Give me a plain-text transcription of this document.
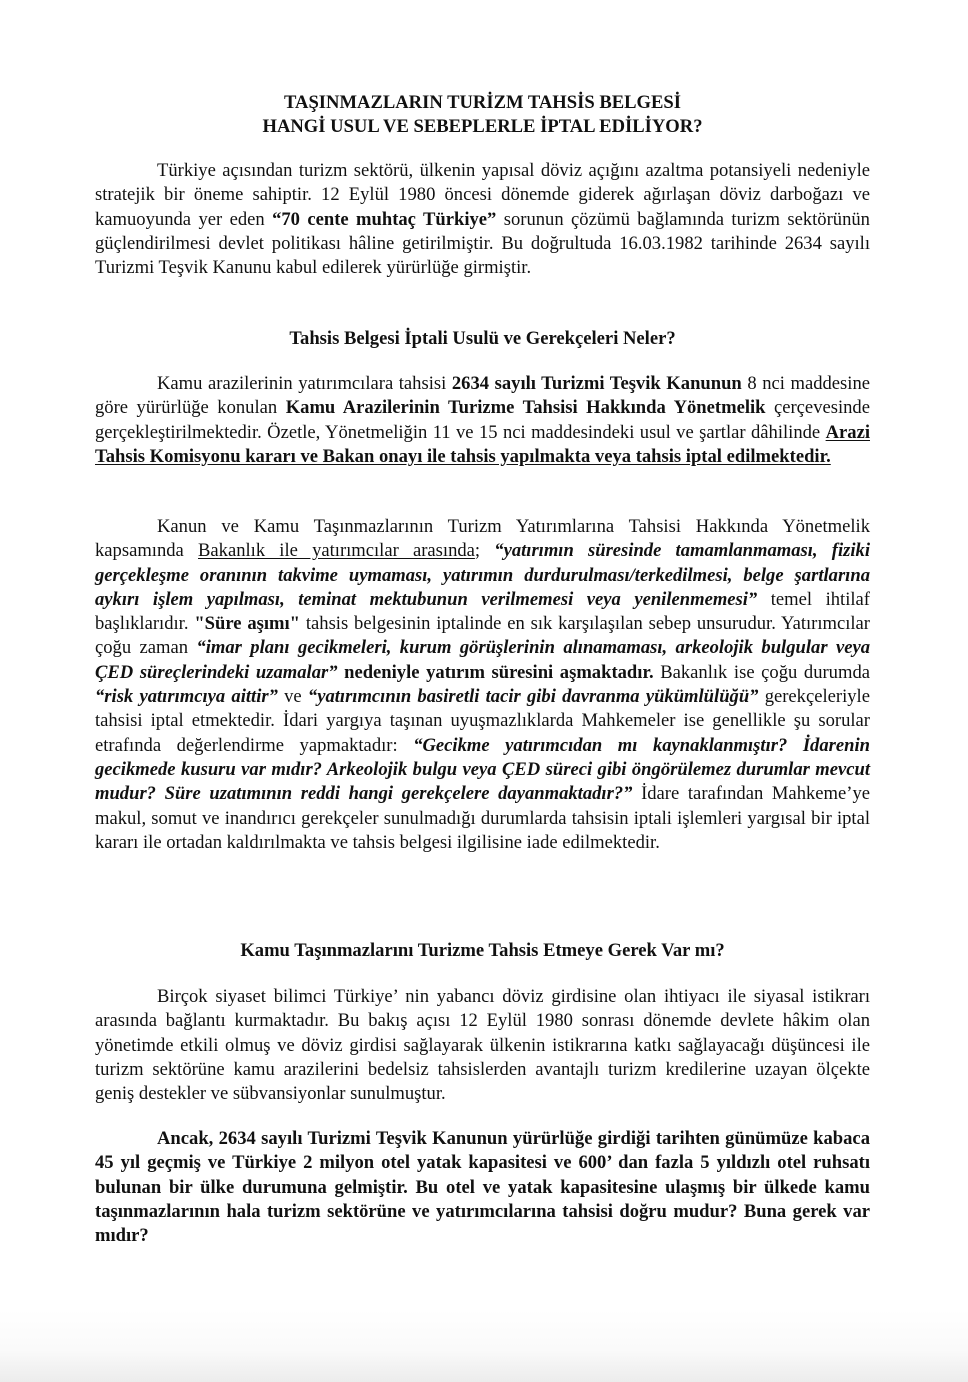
TAŞINMAZLARIN TURİZM TAHSİS BELGESİ
HANGİ USUL VE SEBEPLERLE İPTAL EDİLİYOR?

Türkiye açısından turizm sektörü, ülkenin yapısal döviz açığını azaltma potansiyeli nedeniyle stratejik bir öneme sahiptir. 12 Eylül 1980 öncesi dönemde giderek ağırlaşan döviz darboğazı ve kamuoyunda yer eden “70 cente muhtaç Türkiye” sorunun çözümü bağlamında turizm sektörünün güçlendirilmesi devlet politikası hâline getirilmiştir. Bu doğrultuda 16.03.1982 tarihinde 2634 sayılı Turizmi Teşvik Kanunu kabul edilerek yürürlüğe girmiştir.

Tahsis Belgesi İptali Usulü ve Gerekçeleri Neler?

Kamu arazilerinin yatırımcılara tahsisi 2634 sayılı Turizmi Teşvik Kanunun 8 nci maddesine göre yürürlüğe konulan Kamu Arazilerinin Turizme Tahsisi Hakkında Yönetmelik çerçevesinde gerçekleştirilmektedir. Özetle, Yönetmeliğin 11 ve 15 nci maddesindeki usul ve şartlar dâhilinde Arazi Tahsis Komisyonu kararı ve Bakan onayı ile tahsis yapılmakta veya tahsis iptal edilmektedir.

Kanun ve Kamu Taşınmazlarının Turizm Yatırımlarına Tahsisi Hakkında Yönetmelik kapsamında Bakanlık ile yatırımcılar arasında; “yatırımın süresinde tamamlanmaması, fiziki gerçekleşme oranının takvime uymaması, yatırımın durdurulması/terkedilmesi, belge şartlarına aykırı işlem yapılması, teminat mektubunun verilmemesi veya yenilenmemesi” temel ihtilaf başlıklarıdır. "Süre aşımı" tahsis belgesinin iptalinde en sık karşılaşılan sebep unsurudur. Yatırımcılar çoğu zaman “imar planı gecikmeleri, kurum görüşlerinin alınamaması, arkeolojik bulgular veya ÇED süreçlerindeki uzamalar” nedeniyle yatırım süresini aşmaktadır. Bakanlık ise çoğu durumda “risk yatırımcıya aittir” ve “yatırımcının basiretli tacir gibi davranma yükümlülüğü” gerekçeleriyle tahsisi iptal etmektedir. İdari yargıya taşınan uyuşmazlıklarda Mahkemeler ise genellikle şu sorular etrafında değerlendirme yapmaktadır: “Gecikme yatırımcıdan mı kaynaklanmıştır? İdarenin gecikmede kusuru var mıdır? Arkeolojik bulgu veya ÇED süreci gibi öngörülemez durumlar mevcut mudur? Süre uzatımının reddi hangi gerekçelere dayanmaktadır?” İdare tarafından Mahkeme’ye makul, somut ve inandırıcı gerekçeler sunulmadığı durumlarda tahsisin iptali işlemleri yargısal bir iptal kararı ile ortadan kaldırılmakta ve tahsis belgesi ilgilisine iade edilmektedir.

Kamu Taşınmazlarını Turizme Tahsis Etmeye Gerek Var mı?

Birçok siyaset bilimci Türkiye’ nin yabancı döviz girdisine olan ihtiyacı ile siyasal istikrarı arasında bağlantı kurmaktadır. Bu bakış açısı 12 Eylül 1980 sonrası dönemde devlete hâkim olan yönetimde etkili olmuş ve döviz girdisi sağlayarak ülkenin istikrarına katkı sağlayacağı düşüncesi ile turizm sektörüne kamu arazilerini bedelsiz tahsislerden avantajlı turizm kredilerine uzayan ölçekte geniş destekler ve sübvansiyonlar sunulmuştur.

Ancak, 2634 sayılı Turizmi Teşvik Kanunun yürürlüğe girdiği tarihten günümüze kabaca 45 yıl geçmiş ve Türkiye 2 milyon otel yatak kapasitesi ve 600’ dan fazla 5 yıldızlı otel ruhsatı bulunan bir ülke durumuna gelmiştir. Bu otel ve yatak kapasitesine ulaşmış bir ülkede kamu taşınmazlarının hala turizm sektörüne ve yatırımcılarına tahsisi doğru mudur? Buna gerek var mıdır?
